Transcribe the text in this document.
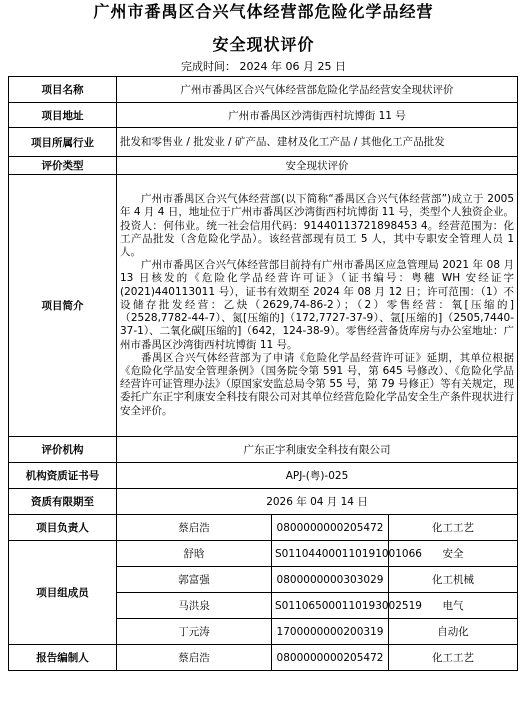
广州市番禺区合兴气体经营部危险化学品经营
安全现状评价
完成时间： 2024 年 06 月 25 日
项目名称	广州市番禺区合兴气体经营部危险化学品经营安全现状评价		
项目地址	广州市番禺区沙湾街西村坑博街 11 号		
项目所属行业	批发和零售业 / 批发业 / 矿产品、建材及化工产品 / 其他化工产品批发		
评价类型	安全现状评价		
项目简介	广州市番禺区合兴气体经营部(以下简称“番禺区合兴气体经营部”)成立于 2005 年 4 月 4 日，地址位于广州市番禺区沙湾街西村坑博街 11 号，类型个人独资企业。投资人：何伟业。统一社会信用代码：91440113721898453 4。经营范围为：化工产品批发（含危险化学品）。该经营部现有员工 5 人，其中专职安全管理人员 1 人。

广州市番禺区合兴气体经营部目前持有广州市番禺区应急管理局 2021 年 08 月 13 日核发的《危险化学品经营许可证》（证书编号：粤穗 WH 安经证字(2021)440113011 号），证书有效期至 2024 年 08 月 12 日；许可范围：（1）不设储存批发经营：乙炔（2629,74-86-2）；（2）零售经营：氧[压缩的]（2528,7782-44-7）、氮[压缩的]（172,7727-37-9）、氩[压缩的]（2505,7440-37-1）、二氧化碳[压缩的]（642，124-38-9）。零售经营备货库房与办公室地址：广州市番禺区沙湾街西村坑博街 11 号。

番禺区合兴气体经营部为了申请《危险化学品经营许可证》延期，其单位根据《危险化学品安全管理条例》（国务院令第 591 号，第 645 号修改）、《危险化学品经营许可证管理办法》（原国家安监总局令第 55 号，第 79 号修正）等有关规定，现委托广东正宇利康安全科技有限公司对其单位经营危险化学品安全生产条件现状进行安全评价。		

评价机构	广东正宇利康安全科技有限公司		
机构资质证书号	APJ-(粤)-025		
资质有限期至	2026 年 04 月 14 日		
项目负责人	蔡启浩	0800000000205472	化工工艺
项目组成员	舒晗	S011044000110191001066	安全
	郭富强	0800000000303029	化工机械
	马洪泉	S011065000110193002519	电气
	丁元涛	1700000000200319	自动化
报告编制人	蔡启浩	0800000000205472	化工工艺
